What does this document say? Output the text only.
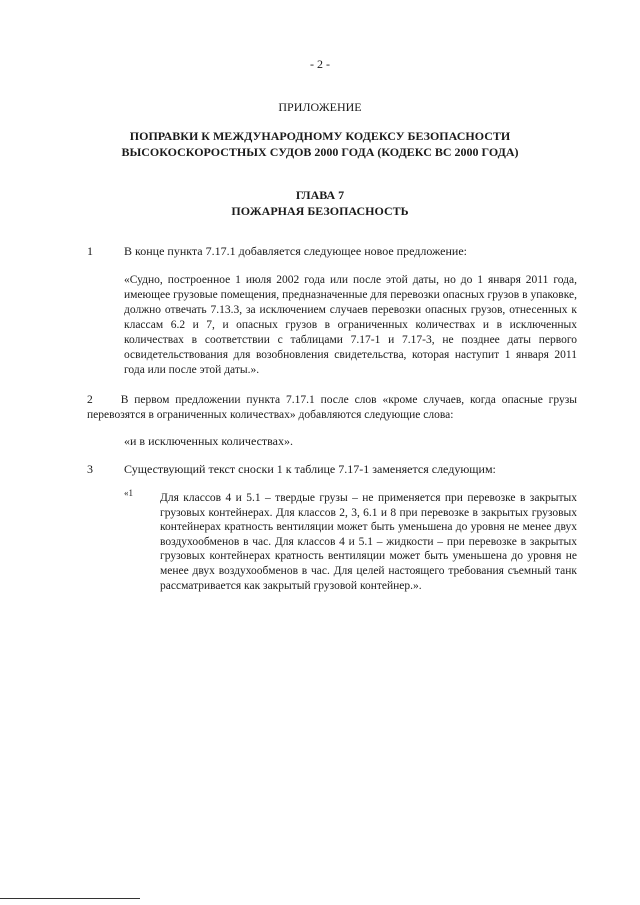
- 2 -
ПРИЛОЖЕНИЕ
ПОПРАВКИ К МЕЖДУНАРОДНОМУ КОДЕКСУ БЕЗОПАСНОСТИ
ВЫСОКОСКОРОСТНЫХ СУДОВ 2000 ГОДА (КОДЕКС ВС 2000 ГОДА)
ГЛАВА 7
ПОЖАРНАЯ БЕЗОПАСНОСТЬ
1	В конце пункта 7.17.1 добавляется следующее новое предложение:
«Судно, построенное 1 июля 2002 года или после этой даты, но до 1 января 2011 года, имеющее грузовые помещения, предназначенные для перевозки опасных грузов в упаковке, должно отвечать 7.13.3, за исключением случаев перевозки опасных грузов, отнесенных к классам 6.2 и 7, и опасных грузов в ограниченных количествах и в исключенных количествах в соответствии с таблицами 7.17-1 и 7.17-3, не позднее даты первого освидетельствования для возобновления свидетельства, которая наступит 1 января 2011 года или после этой даты.».
2 В первом предложении пункта 7.17.1 после слов «кроме случаев, когда опасные грузы перевозятся в ограниченных количествах» добавляются следующие слова:
«и в исключенных количествах».
3	Существующий текст сноски 1 к таблице 7.17-1 заменяется следующим:
«1 Для классов 4 и 5.1 – твердые грузы – не применяется при перевозке в закрытых грузовых контейнерах. Для классов 2, 3, 6.1 и 8 при перевозке в закрытых грузовых контейнерах кратность вентиляции может быть уменьшена до уровня не менее двух воздухообменов в час. Для классов 4 и 5.1 – жидкости – при перевозке в закрытых грузовых контейнерах кратность вентиляции может быть уменьшена до уровня не менее двух воздухообменов в час. Для целей настоящего требования съемный танк рассматривается как закрытый грузовой контейнер.».
